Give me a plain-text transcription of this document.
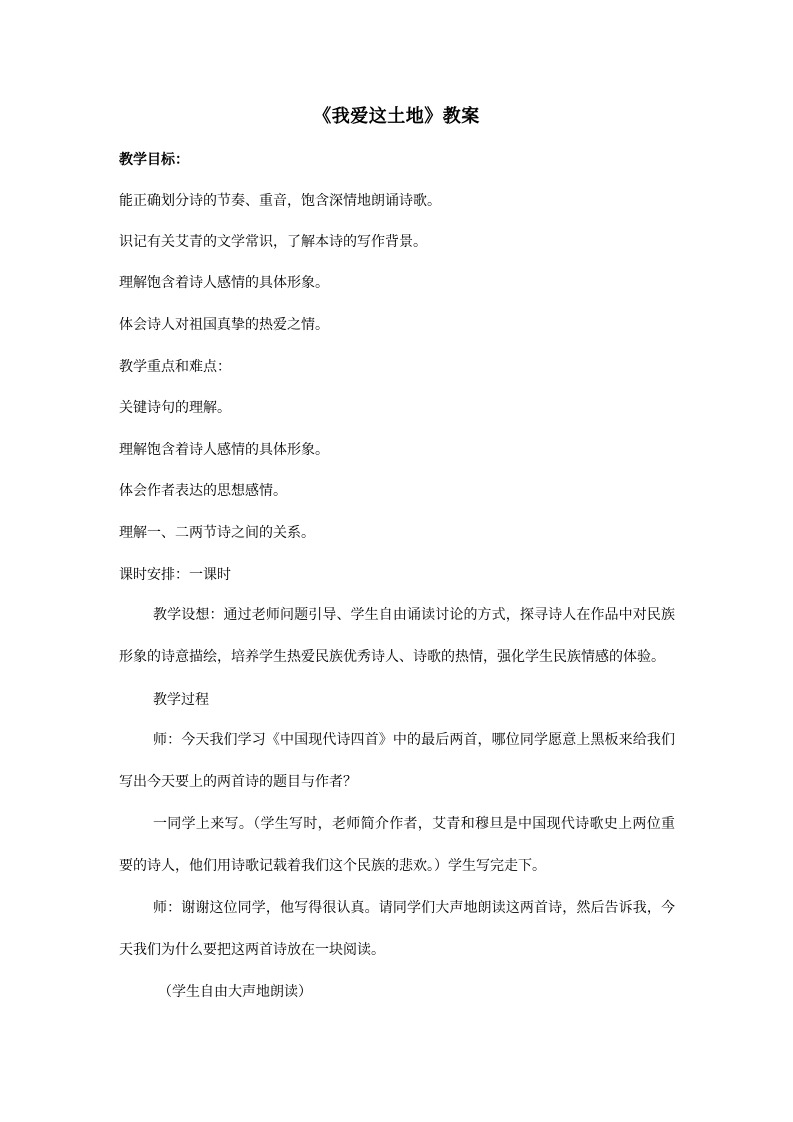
《我爱这土地》教案
教学目标：
能正确划分诗的节奏、重音，饱含深情地朗诵诗歌。
识记有关艾青的文学常识，了解本诗的写作背景。
理解饱含着诗人感情的具体形象。
体会诗人对祖国真挚的热爱之情。
教学重点和难点：
关键诗句的理解。
理解饱含着诗人感情的具体形象。
体会作者表达的思想感情。
理解一、二两节诗之间的关系。
课时安排：一课时
教学设想：通过老师问题引导、学生自由诵读讨论的方式，探寻诗人在作品中对民族形象的诗意描绘，培养学生热爱民族优秀诗人、诗歌的热情，强化学生民族情感的体验。
教学过程
师：今天我们学习《中国现代诗四首》中的最后两首，哪位同学愿意上黑板来给我们写出今天要上的两首诗的题目与作者？
一同学上来写。（学生写时，老师简介作者，艾青和穆旦是中国现代诗歌史上两位重要的诗人，他们用诗歌记载着我们这个民族的悲欢。）学生写完走下。
师：谢谢这位同学，他写得很认真。请同学们大声地朗读这两首诗，然后告诉我，今天我们为什么要把这两首诗放在一块阅读。
（学生自由大声地朗读）
